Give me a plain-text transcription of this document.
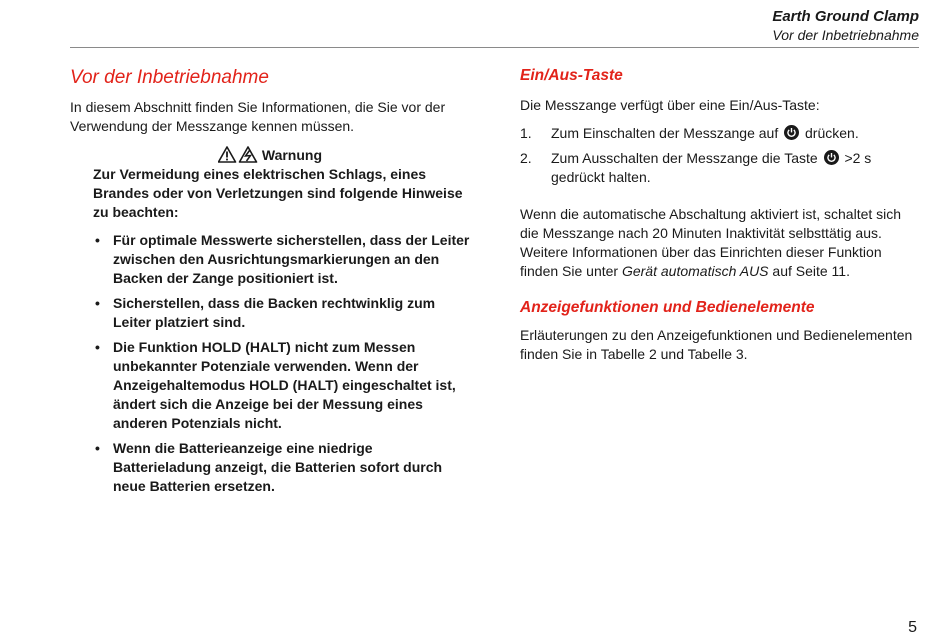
Earth Ground Clamp
Vor der Inbetriebnahme
Vor der Inbetriebnahme

In diesem Abschnitt finden Sie Informationen, die Sie vor der Verwendung der Messzange kennen müssen.

Warnung

Zur Vermeidung eines elektrischen Schlags, eines Brandes oder von Verletzungen sind folgende Hinweise zu beachten:

• Für optimale Messwerte sicherstellen, dass der Leiter zwischen den Ausrichtungsmarkierungen an den Backen der Zange positioniert ist.
• Sicherstellen, dass die Backen rechtwinklig zum Leiter platziert sind.
• Die Funktion HOLD (HALT) nicht zum Messen unbekannter Potenziale verwenden. Wenn der Anzeigehaltemodus HOLD (HALT) eingeschaltet ist, ändert sich die Anzeige bei der Messung eines anderen Potenzials nicht.
• Wenn die Batterieanzeige eine niedrige Batterieladung anzeigt, die Batterien sofort durch neue Batterien ersetzen.
Ein/Aus-Taste

Die Messzange verfügt über eine Ein/Aus-Taste:

1. Zum Einschalten der Messzange auf drücken.
2. Zum Ausschalten der Messzange die Taste >2 s gedrückt halten.

Wenn die automatische Abschaltung aktiviert ist, schaltet sich die Messzange nach 20 Minuten Inaktivität selbsttätig aus. Weitere Informationen über das Einrichten dieser Funktion finden Sie unter Gerät automatisch AUS auf Seite 11.

Anzeigefunktionen und Bedienelemente

Erläuterungen zu den Anzeigefunktionen und Bedienelementen finden Sie in Tabelle 2 und Tabelle 3.

5
